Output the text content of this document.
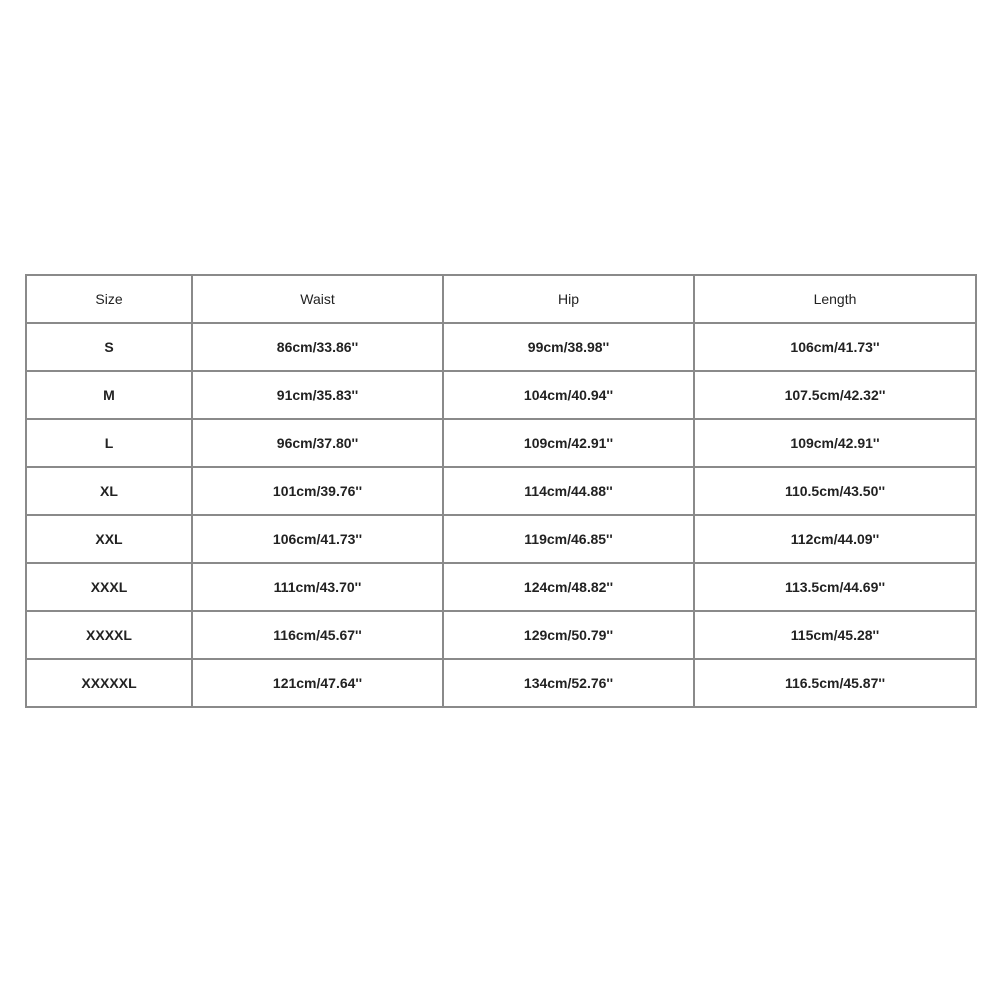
Size	Waist	Hip	Length
S	86cm/33.86''	99cm/38.98''	106cm/41.73''
M	91cm/35.83''	104cm/40.94''	107.5cm/42.32''
L	96cm/37.80''	109cm/42.91''	109cm/42.91''
XL	101cm/39.76''	114cm/44.88''	110.5cm/43.50''
XXL	106cm/41.73''	119cm/46.85''	112cm/44.09''
XXXL	111cm/43.70''	124cm/48.82''	113.5cm/44.69''
XXXXL	116cm/45.67''	129cm/50.79''	115cm/45.28''
XXXXXL	121cm/47.64''	134cm/52.76''	116.5cm/45.87''
